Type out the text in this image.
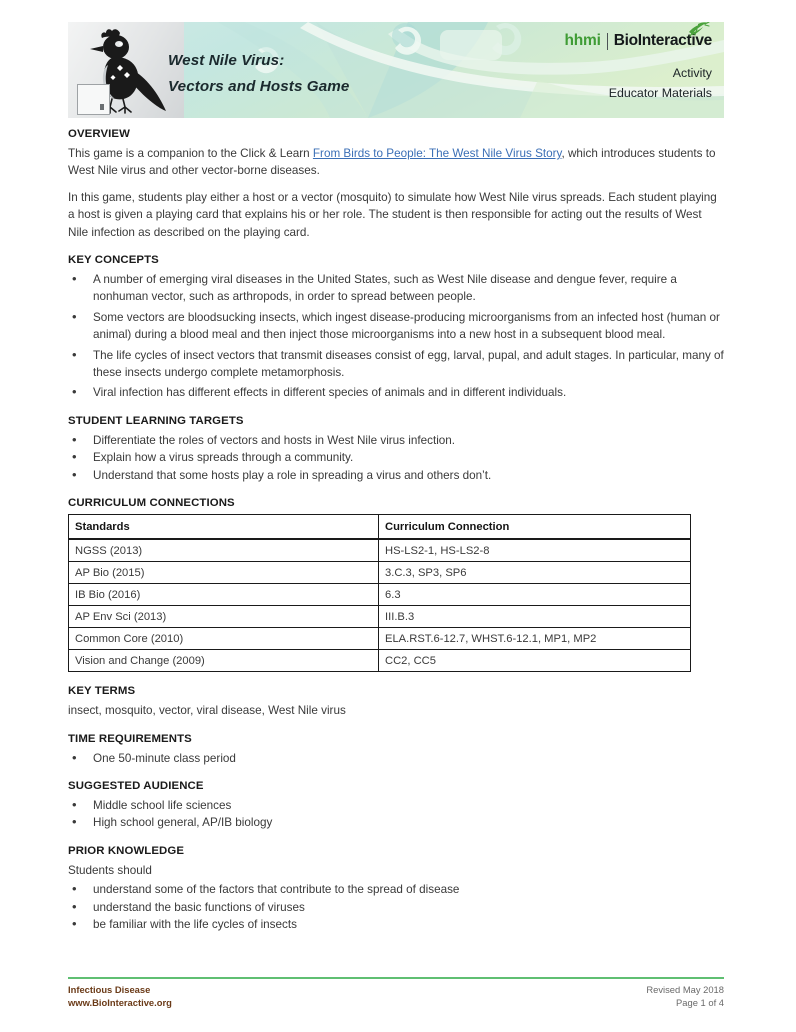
West Nile Virus:
Vectors and Hosts Game
hhmi BioInteractive
Activity
Educator Materials
OVERVIEW

This game is a companion to the Click & Learn From Birds to People: The West Nile Virus Story, which introduces students to West Nile virus and other vector-borne diseases.

In this game, students play either a host or a vector (mosquito) to simulate how West Nile virus spreads. Each student playing a host is given a playing card that explains his or her role. The student is then responsible for acting out the results of West Nile infection as described on the playing card.

KEY CONCEPTS
• A number of emerging viral diseases in the United States, such as West Nile disease and dengue fever, require a nonhuman vector, such as arthropods, in order to spread between people.
• Some vectors are bloodsucking insects, which ingest disease-producing microorganisms from an infected host (human or animal) during a blood meal and then inject those microorganisms into a new host in a subsequent blood meal.
• The life cycles of insect vectors that transmit diseases consist of egg, larval, pupal, and adult stages. In particular, many of these insects undergo complete metamorphosis.
• Viral infection has different effects in different species of animals and in different individuals.
STUDENT LEARNING TARGETS
• Differentiate the roles of vectors and hosts in West Nile virus infection.
• Explain how a virus spreads through a community.
• Understand that some hosts play a role in spreading a virus and others don’t.
CURRICULUM CONNECTIONS
Standards	Curriculum Connection
NGSS (2013)	HS-LS2-1, HS-LS2-8
AP Bio (2015)	3.C.3, SP3, SP6
IB Bio (2016)	6.3
AP Env Sci (2013)	III.B.3
Common Core (2010)	ELA.RST.6-12.7, WHST.6-12.1, MP1, MP2
Vision and Change (2009)	CC2, CC5
KEY TERMS

insect, mosquito, vector, viral disease, West Nile virus

TIME REQUIREMENTS
• One 50-minute class period
SUGGESTED AUDIENCE
• Middle school life sciences
• High school general, AP/IB biology
PRIOR KNOWLEDGE

Students should

• understand some of the factors that contribute to the spread of disease
• understand the basic functions of viruses
• be familiar with the life cycles of insects
Infectious Disease
www.BioInteractive.org
Revised May 2018
Page 1 of 4
